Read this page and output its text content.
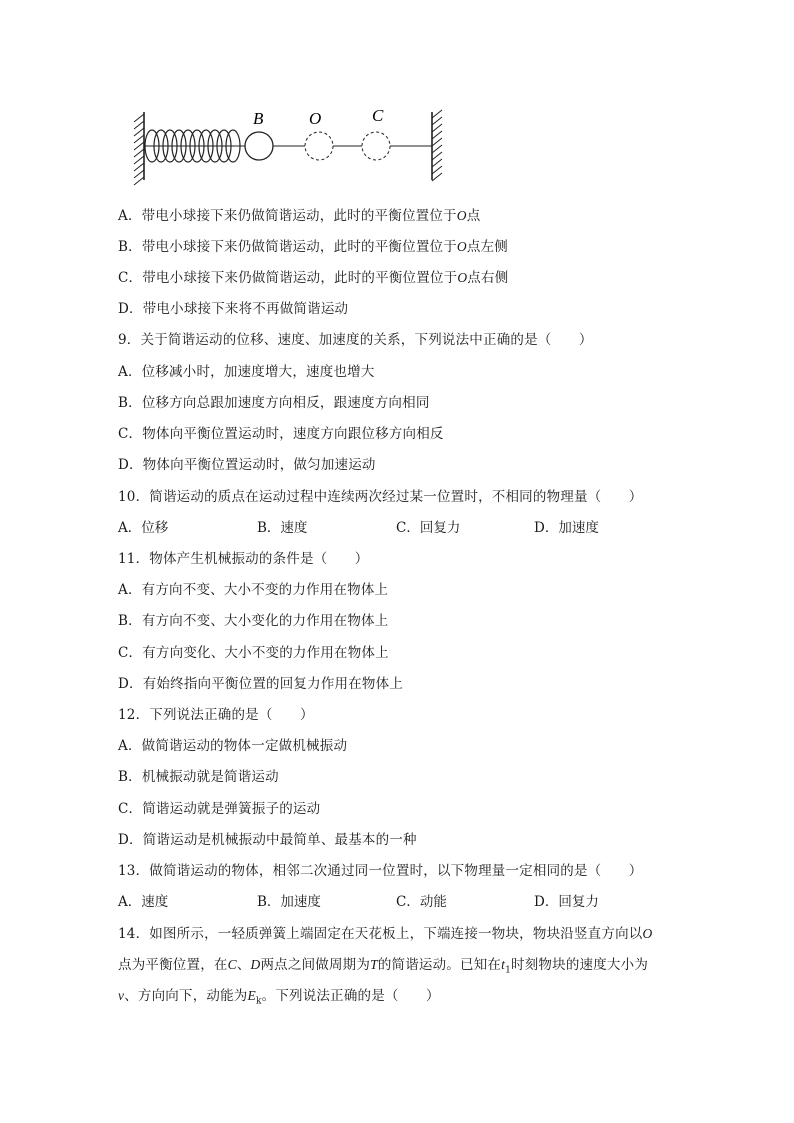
B	O	C
A．带电小球接下来仍做简谐运动，此时的平衡位置位于O点
B．带电小球接下来仍做简谐运动，此时的平衡位置位于O点左侧
C．带电小球接下来仍做简谐运动，此时的平衡位置位于O点右侧
D．带电小球接下来将不再做简谐运动
9．关于简谐运动的位移、速度、加速度的关系，下列说法中正确的是（　　）
A．位移减小时，加速度增大，速度也增大
B．位移方向总跟加速度方向相反，跟速度方向相同
C．物体向平衡位置运动时，速度方向跟位移方向相反
D．物体向平衡位置运动时，做匀加速运动
10．简谐运动的质点在运动过程中连续两次经过某一位置时，不相同的物理量（　　）
A．位移	B．速度	C．回复力	D．加速度
11．物体产生机械振动的条件是（　　）
A．有方向不变、大小不变的力作用在物体上
B．有方向不变、大小变化的力作用在物体上
C．有方向变化、大小不变的力作用在物体上
D．有始终指向平衡位置的回复力作用在物体上
12．下列说法正确的是（　　）
A．做简谐运动的物体一定做机械振动
B．机械振动就是简谐运动
C．简谐运动就是弹簧振子的运动
D．简谐运动是机械振动中最简单、最基本的一种
13．做简谐运动的物体，相邻二次通过同一位置时，以下物理量一定相同的是（　　）
A．速度	B．加速度	C．动能	D．回复力
14．如图所示，一轻质弹簧上端固定在天花板上，下端连接一物块，物块沿竖直方向以O
点为平衡位置，在C、D两点之间做周期为T的简谐运动。已知在$t_1$时刻物块的速度大小为
v、方向向下，动能为$E_k$。下列说法正确的是（　　）
